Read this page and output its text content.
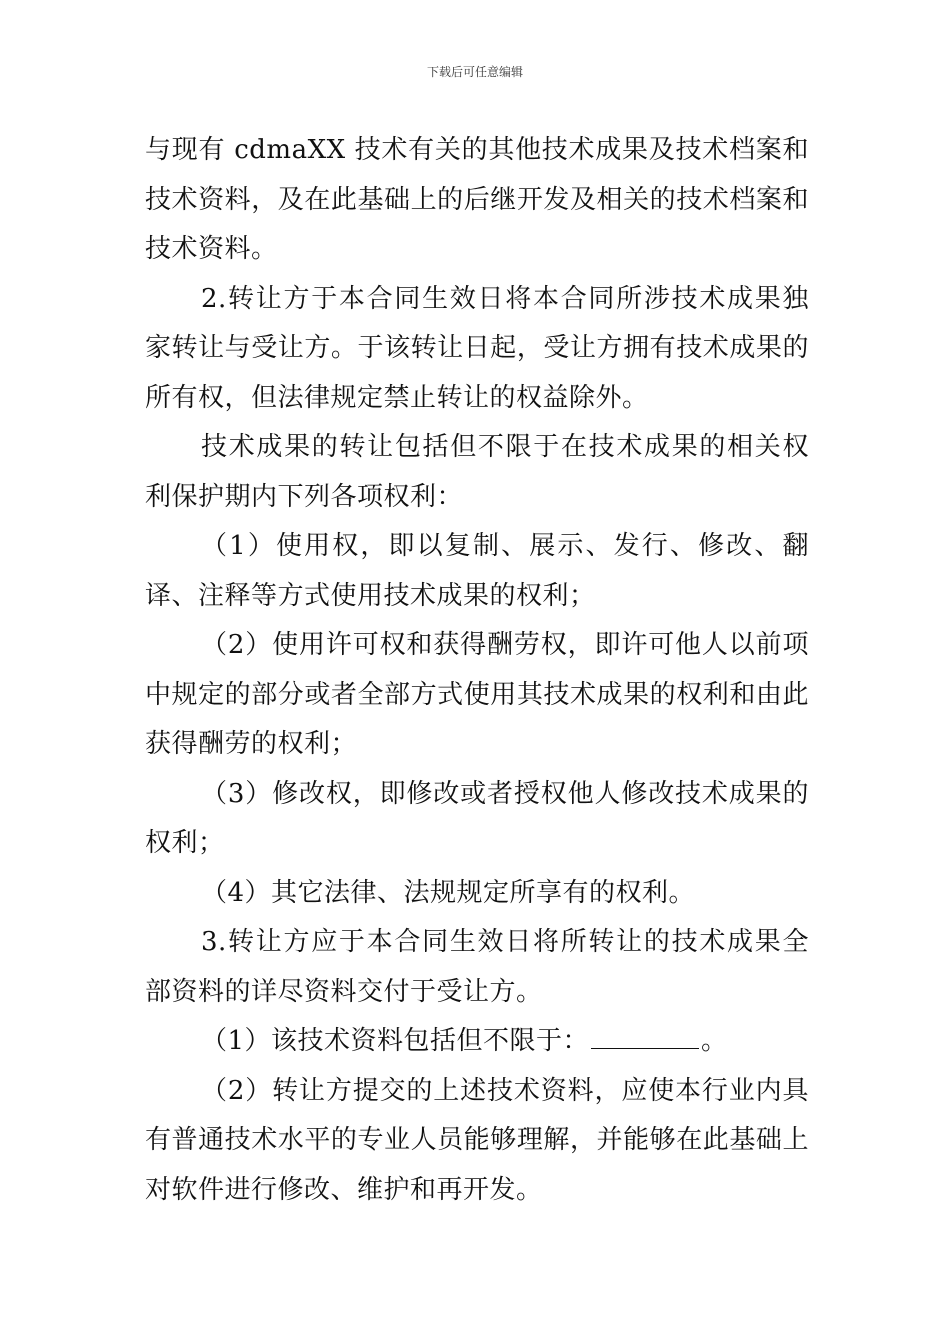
下载后可任意编辑

与现有 cdmaXX 技术有关的其他技术成果及技术档案和技术资料，及在此基础上的后继开发及相关的技术档案和技术资料。

2.转让方于本合同生效日将本合同所涉技术成果独家转让与受让方。于该转让日起，受让方拥有技术成果的所有权，但法律规定禁止转让的权益除外。

技术成果的转让包括但不限于在技术成果的相关权利保护期内下列各项权利：

（1）使用权，即以复制、展示、发行、修改、翻译、注释等方式使用技术成果的权利；

（2）使用许可权和获得酬劳权，即许可他人以前项中规定的部分或者全部方式使用其技术成果的权利和由此获得酬劳的权利；

（3）修改权，即修改或者授权他人修改技术成果的权利；

（4）其它法律、法规规定所享有的权利。

3.转让方应于本合同生效日将所转让的技术成果全部资料的详尽资料交付于受让方。

（1）该技术资料包括但不限于：	。

（2）转让方提交的上述技术资料，应使本行业内具有普通技术水平的专业人员能够理解，并能够在此基础上对软件进行修改、维护和再开发。
